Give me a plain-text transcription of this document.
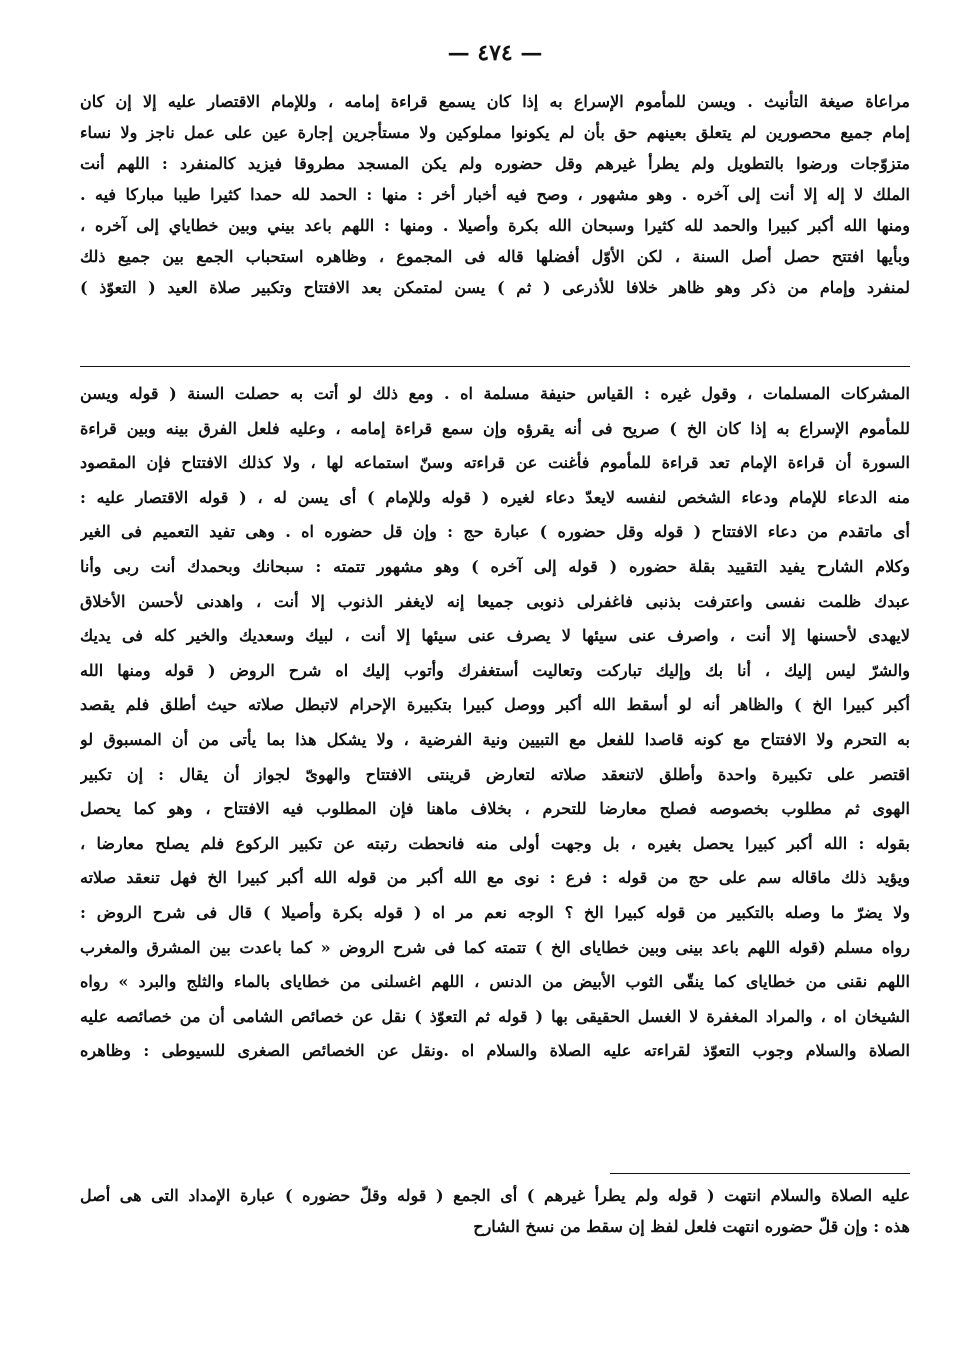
— ٤٧٤ —
مراعاة صيغة التأنيث . ويسن للمأموم الإسراع به إذا كان يسمع قراءة إمامه ، وللإمام الاقتصار عليه إلا إن كان
إمام جميع محصورين لم يتعلق بعينهم حق بأن لم يكونوا مملوكين ولا مستأجرين إجارة عين على عمل ناجز ولا نساء
متزوّجات ورضوا بالتطويل ولم يطرأ غيرهم وقل حضوره ولم يكن المسجد مطروقا فيزيد كالمنفرد : اللهم أنت
الملك لا إله إلا أنت إلى آخره . وهو مشهور ، وصح فيه أخبار أخر : منها : الحمد لله حمدا كثيرا طيبا مباركا فيه .
ومنها الله أكبر كبيرا والحمد لله كثيرا وسبحان الله بكرة وأصيلا . ومنها : اللهم باعد بيني وبين خطاياي إلى آخره ،
وبأيها افتتح حصل أصل السنة ، لكن الأوّل أفضلها قاله فى المجموع ، وظاهره استحباب الجمع بين جميع ذلك
لمنفرد وإمام من ذكر وهو ظاهر خلافا للأذرعى ( ثم ) يسن لمتمكن بعد الافتتاح وتكبير صلاة العيد ( التعوّذ )
المشركات المسلمات ، وقول غيره : القياس حنيفة مسلمة اه . ومع ذلك لو أتت به حصلت السنة ( قوله ويسن
للمأموم الإسراع به إذا كان الخ ) صريح فى أنه يقرؤه وإن سمع قراءة إمامه ، وعليه فلعل الفرق بينه وبين قراءة
السورة أن قراءة الإمام تعد قراءة للمأموم فأغنت عن قراءته وسنّ استماعه لها ، ولا كذلك الافتتاح فإن المقصود
منه الدعاء للإمام ودعاء الشخص لنفسه لايعدّ دعاء لغيره ( قوله وللإمام ) أى يسن له ، ( قوله الاقتصار عليه :
أى ماتقدم من دعاء الافتتاح ( قوله وقل حضوره ) عبارة حج : وإن قل حضوره اه . وهى تفيد التعميم فى الغير
وكلام الشارح يفيد التقييد بقلة حضوره ( قوله إلى آخره ) وهو مشهور تتمته : سبحانك وبحمدك أنت ربى وأنا
عبدك ظلمت نفسى واعترفت بذنبى فاغفرلى ذنوبى جميعا إنه لايغفر الذنوب إلا أنت ، واهدنى لأحسن الأخلاق
لايهدى لأحسنها إلا أنت ، واصرف عنى سيئها لا يصرف عنى سيئها إلا أنت ، لبيك وسعديك والخير كله فى يديك
والشرّ ليس إليك ، أنا بك وإليك تباركت وتعاليت أستغفرك وأتوب إليك اه شرح الروض ( قوله ومنها الله
أكبر كبيرا الخ ) والظاهر أنه لو أسقط الله أكبر ووصل كبيرا بتكبيرة الإحرام لاتبطل صلاته حيث أطلق فلم يقصد
به التحرم ولا الافتتاح مع كونه قاصدا للفعل مع التبيين ونية الفرضية ، ولا يشكل هذا بما يأتى من أن المسبوق لو
اقتصر على تكبيرة واحدة وأطلق لاتنعقد صلاته لتعارض قرينتى الافتتاح والهوىّ لجواز أن يقال : إن تكبير
الهوى ثم مطلوب بخصوصه فصلح معارضا للتحرم ، بخلاف ماهنا فإن المطلوب فيه الافتتاح ، وهو كما يحصل
بقوله : الله أكبر كبيرا يحصل بغيره ، بل وجهت أولى منه فانحطت رتبته عن تكبير الركوع فلم يصلح معارضا ،
ويؤيد ذلك ماقاله سم على حج من قوله : فرع : نوى مع الله أكبر من قوله الله أكبر كبيرا الخ فهل تنعقد صلاته
ولا يضرّ ما وصله بالتكبير من قوله كبيرا الخ ؟ الوجه نعم مر اه ( قوله بكرة وأصيلا ) قال فى شرح الروض :
رواه مسلم (قوله اللهم باعد بينى وبين خطاياى الخ ) تتمته كما فى شرح الروض « كما باعدت بين المشرق والمغرب
اللهم نقنى من خطاياى كما ينقّى الثوب الأبيض من الدنس ، اللهم اغسلنى من خطاياى بالماء والثلج والبرد » رواه
الشيخان اه ، والمراد المغفرة لا الغسل الحقيقى بها ( قوله ثم التعوّذ ) نقل عن خصائص الشامى أن من خصائصه عليه
الصلاة والسلام وجوب التعوّذ لقراءته عليه الصلاة والسلام اه .ونقل عن الخصائص الصغرى للسيوطى : وظاهره
عليه الصلاة والسلام انتهت ( قوله ولم يطرأ غيرهم ) أى الجمع ( قوله وقلّ حضوره ) عبارة الإمداد التى هى أصل
هذه : وإن قلّ حضوره انتهت فلعل لفظ إن سقط من نسخ الشارح
